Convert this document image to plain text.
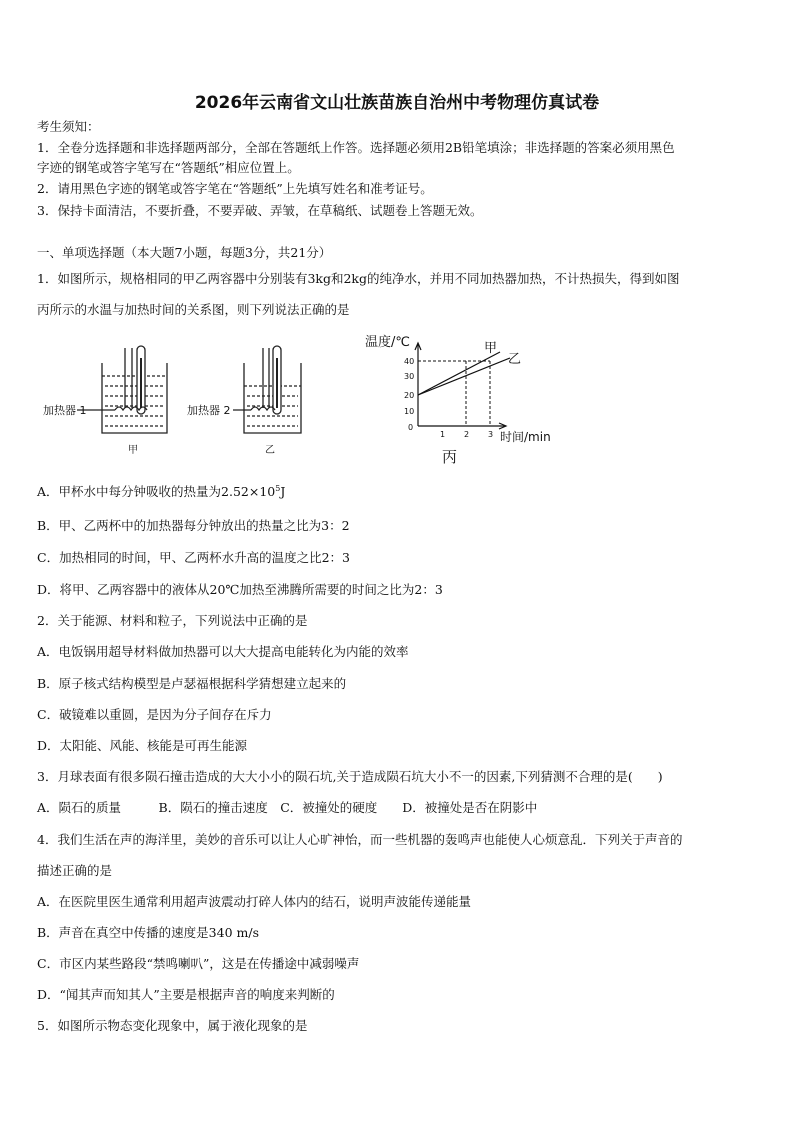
2026年云南省文山壮族苗族自治州中考物理仿真试卷
考生须知：
1．全卷分选择题和非选择题两部分，全部在答题纸上作答。选择题必须用2B铅笔填涂；非选择题的答案必须用黑色
字迹的钢笔或答字笔写在“答题纸”相应位置上。
2．请用黑色字迹的钢笔或答字笔在“答题纸”上先填写姓名和准考证号。
3．保持卡面清洁，不要折叠，不要弄破、弄皱，在草稿纸、试题卷上答题无效。
一、单项选择题（本大题7小题，每题3分，共21分）
1．如图所示，规格相同的甲乙两容器中分别装有3kg和2kg的纯净水，并用不同加热器加热，不计热损失，得到如图
丙所示的水温与加热时间的关系图，则下列说法正确的是
加热器 1
甲
加热器 2
乙
温度/℃
40
30
20
10
0
1 2 3 时间/min
甲
乙
丙
A．甲杯水中每分钟吸收的热量为$2.52\times 10^5J$
B．甲、乙两杯中的加热器每分钟放出的热量之比为3：2
C．加热相同的时间，甲、乙两杯水升高的温度之比2：3
D．将甲、乙两容器中的液体从20℃加热至沸腾所需要的时间之比为2：3
2．关于能源、材料和粒子，下列说法中正确的是
A．电饭锅用超导材料做加热器可以大大提高电能转化为内能的效率
B．原子核式结构模型是卢瑟福根据科学猜想建立起来的
C．破镜难以重圆，是因为分子间存在斥力
D．太阳能、风能、核能是可再生能源
3．月球表面有很多陨石撞击造成的大大小小的陨石坑,关于造成陨石坑大小不一的因素,下列猜测不合理的是(　　)
A．陨石的质量　　　B．陨石的撞击速度　C．被撞处的硬度　　D．被撞处是否在阴影中
4．我们生活在声的海洋里，美妙的音乐可以让人心旷神怡，而一些机器的轰鸣声也能使人心烦意乱．下列关于声音的
描述正确的是
A．在医院里医生通常利用超声波震动打碎人体内的结石，说明声波能传递能量
B．声音在真空中传播的速度是340 m/s
C．市区内某些路段“禁鸣喇叭”，这是在传播途中减弱噪声
D．“闻其声而知其人”主要是根据声音的响度来判断的
5．如图所示物态变化现象中，属于液化现象的是
